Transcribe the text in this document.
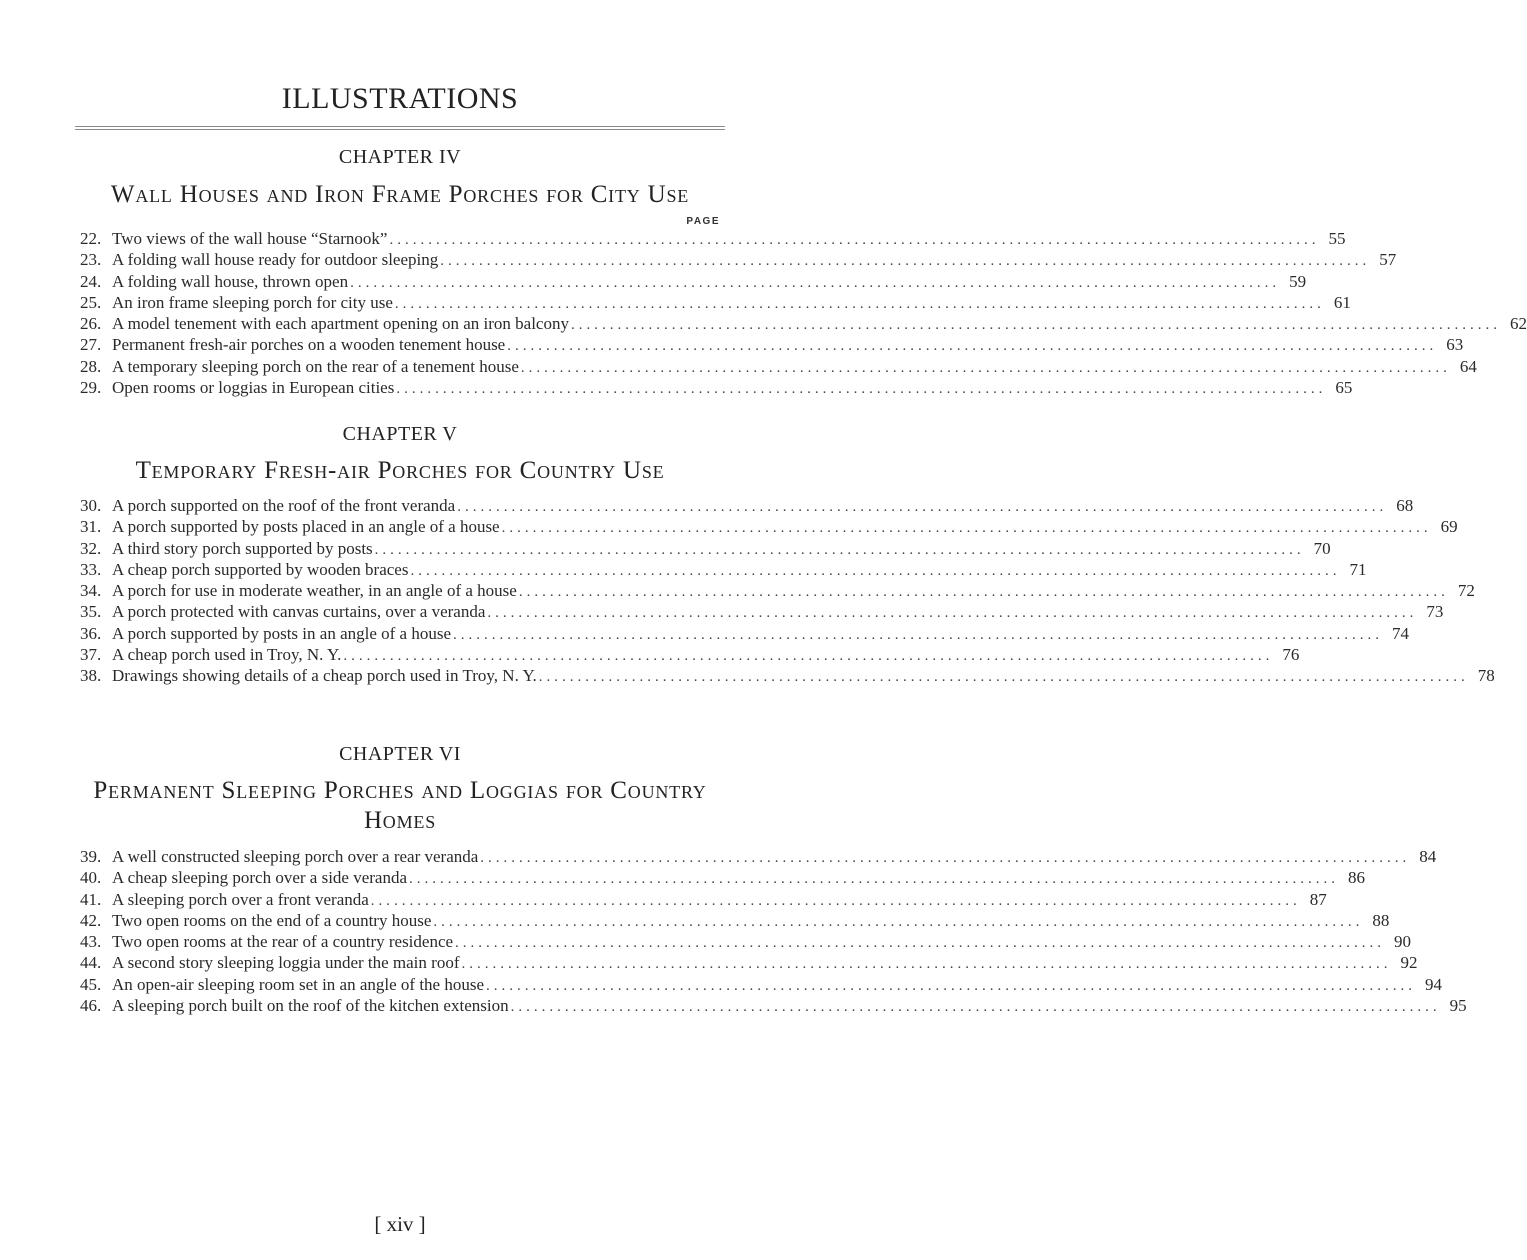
ILLUSTRATIONS
CHAPTER IV
Wall Houses and Iron Frame Porches for City Use
PAGE
22. Two views of the wall house “Starnook” ........................................................................................................................ 55
23. A folding wall house ready for outdoor sleeping ........................................................................................................................ 57
24. A folding wall house, thrown open ........................................................................................................................ 59
25. An iron frame sleeping porch for city use ........................................................................................................................ 61
26. A model tenement with each apartment opening on an iron balcony ........................................................................................................................ 62
27. Permanent fresh-air porches on a wooden tenement house ........................................................................................................................ 63
28. A temporary sleeping porch on the rear of a tenement house ........................................................................................................................ 64
29. Open rooms or loggias in European cities ........................................................................................................................ 65
CHAPTER V
Temporary Fresh-air Porches for Country Use
30. A porch supported on the roof of the front veranda ........................................................................................................................ 68
31. A porch supported by posts placed in an angle of a house ........................................................................................................................ 69
32. A third story porch supported by posts ........................................................................................................................ 70
33. A cheap porch supported by wooden braces ........................................................................................................................ 71
34. A porch for use in moderate weather, in an angle of a house ........................................................................................................................ 72
35. A porch protected with canvas curtains, over a veranda ........................................................................................................................ 73
36. A porch supported by posts in an angle of a house ........................................................................................................................ 74
37. A cheap porch used in Troy, N. Y. ........................................................................................................................ 76
38. Drawings showing details of a cheap porch used in Troy, N. Y. ........................................................................................................................ 78
CHAPTER VI
Permanent Sleeping Porches and Loggias for Country
Homes
39. A well constructed sleeping porch over a rear veranda ........................................................................................................................ 84
40. A cheap sleeping porch over a side veranda ........................................................................................................................ 86
41. A sleeping porch over a front veranda ........................................................................................................................ 87
42. Two open rooms on the end of a country house ........................................................................................................................ 88
43. Two open rooms at the rear of a country residence ........................................................................................................................ 90
44. A second story sleeping loggia under the main roof ........................................................................................................................ 92
45. An open-air sleeping room set in an angle of the house ........................................................................................................................ 94
46. A sleeping porch built on the roof of the kitchen extension ........................................................................................................................ 95
[ xiv ]
